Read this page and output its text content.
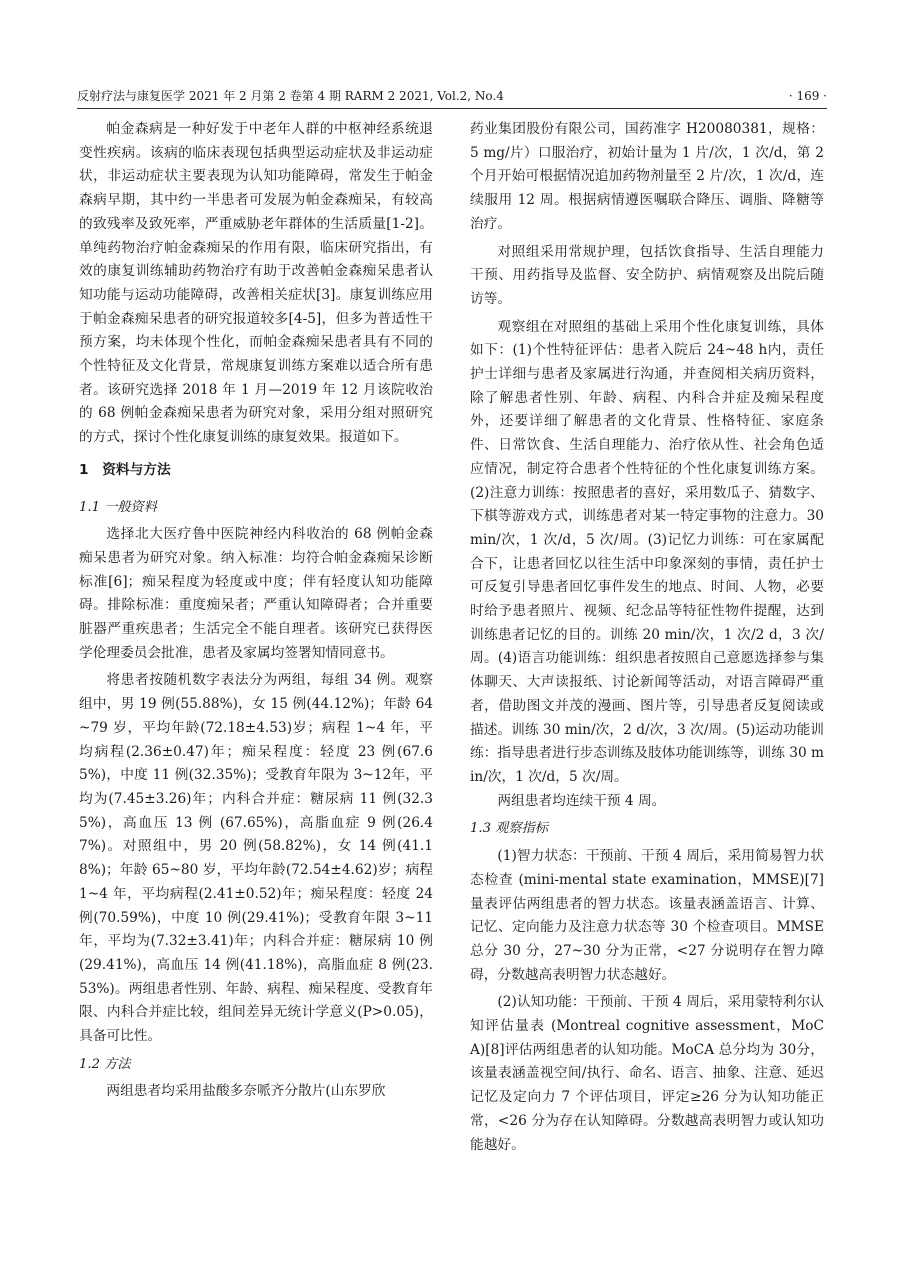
反射疗法与康复医学 2021 年 2 月第 2 卷第 4 期 RARM 2 2021, Vol.2, No.4	· 169 ·

帕金森病是一种好发于中老年人群的中枢神经系统退变性疾病。该病的临床表现包括典型运动症状及非运动症状，非运动症状主要表现为认知功能障碍，常发生于帕金森病早期，其中约一半患者可发展为帕金森痴呆，有较高的致残率及致死率，严重威胁老年群体的生活质量[1-2]。单纯药物治疗帕金森痴呆的作用有限，临床研究指出，有效的康复训练辅助药物治疗有助于改善帕金森痴呆患者认知功能与运动功能障碍，改善相关症状[3]。康复训练应用于帕金森痴呆患者的研究报道较多[4-5]，但多为普适性干预方案，均未体现个性化，而帕金森痴呆患者具有不同的个性特征及文化背景，常规康复训练方案难以适合所有患者。该研究选择 2018 年 1 月—2019 年 12 月该院收治的 68 例帕金森痴呆患者为研究对象，采用分组对照研究的方式，探讨个性化康复训练的康复效果。报道如下。

1　资料与方法
1.1 一般资料

选择北大医疗鲁中医院神经内科收治的 68 例帕金森痴呆患者为研究对象。纳入标准：均符合帕金森痴呆诊断标准[6]；痴呆程度为轻度或中度；伴有轻度认知功能障碍。排除标准：重度痴呆者；严重认知障碍者；合并重要脏器严重疾患者；生活完全不能自理者。该研究已获得医学伦理委员会批准，患者及家属均签署知情同意书。

将患者按随机数字表法分为两组，每组 34 例。观察组中，男 19 例(55.88%)，女 15 例(44.12%)；年龄 64~79 岁，平均年龄(72.18±4.53)岁；病程 1~4 年，平均病程(2.36±0.47)年；痴呆程度：轻度 23 例(67.65%)，中度 11 例(32.35%)；受教育年限为 3~12年，平均为(7.45±3.26)年；内科合并症：糖尿病 11 例(32.35%)，高血压 13 例 (67.65%)，高脂血症 9 例(26.47%)。对照组中，男 20 例(58.82%)，女 14 例(41.18%)；年龄 65~80 岁，平均年龄(72.54±4.62)岁；病程 1~4 年，平均病程(2.41±0.52)年；痴呆程度：轻度 24 例(70.59%)，中度 10 例(29.41%)；受教育年限 3~11 年，平均为(7.32±3.41)年；内科合并症：糖尿病 10 例(29.41%)，高血压 14 例(41.18%)，高脂血症 8 例(23.53%)。两组患者性别、年龄、病程、痴呆程度、受教育年限、内科合并症比较，组间差异无统计学意义(P>0.05)，具备可比性。

1.2 方法

两组患者均采用盐酸多奈哌齐分散片(山东罗欣

药业集团股份有限公司，国药准字 H20080381，规格：5 mg/片）口服治疗，初始计量为 1 片/次，1 次/d，第 2个月开始可根据情况追加药物剂量至 2 片/次，1 次/d，连续服用 12 周。根据病情遵医嘱联合降压、调脂、降糖等治疗。

对照组采用常规护理，包括饮食指导、生活自理能力干预、用药指导及监督、安全防护、病情观察及出院后随访等。

观察组在对照组的基础上采用个性化康复训练，具体如下：(1)个性特征评估：患者入院后 24~48 h内，责任护士详细与患者及家属进行沟通，并查阅相关病历资料，除了解患者性别、年龄、病程、内科合并症及痴呆程度外，还要详细了解患者的文化背景、性格特征、家庭条件、日常饮食、生活自理能力、治疗依从性、社会角色适应情况，制定符合患者个性特征的个性化康复训练方案。(2)注意力训练：按照患者的喜好，采用数瓜子、猜数字、下棋等游戏方式，训练患者对某一特定事物的注意力。30 min/次，1 次/d，5 次/周。(3)记忆力训练：可在家属配合下，让患者回忆以往生活中印象深刻的事情，责任护士可反复引导患者回忆事件发生的地点、时间、人物，必要时给予患者照片、视频、纪念品等特征性物件提醒，达到训练患者记忆的目的。训练 20 min/次，1 次/2 d，3 次/周。(4)语言功能训练：组织患者按照自己意愿选择参与集体聊天、大声读报纸、讨论新闻等活动，对语言障碍严重者，借助图文并茂的漫画、图片等，引导患者反复阅读或描述。训练 30 min/次，2 d/次，3 次/周。(5)运动功能训练：指导患者进行步态训练及肢体功能训练等，训练 30 min/次，1 次/d，5 次/周。

两组患者均连续干预 4 周。

1.3 观察指标

(1)智力状态：干预前、干预 4 周后，采用简易智力状态检查 (mini-mental state examination，MMSE)[7]量表评估两组患者的智力状态。该量表涵盖语言、计算、记忆、定向能力及注意力状态等 30 个检查项目。MMSE 总分 30 分，27~30 分为正常，<27 分说明存在智力障碍，分数越高表明智力状态越好。

(2)认知功能：干预前、干预 4 周后，采用蒙特利尔认知评估量表 (Montreal cognitive assessment，MoCA)[8]评估两组患者的认知功能。MoCA 总分均为 30分，该量表涵盖视空间/执行、命名、语言、抽象、注意、延迟记忆及定向力 7 个评估项目，评定≥26 分为认知功能正常，<26 分为存在认知障碍。分数越高表明智力或认知功能越好。
